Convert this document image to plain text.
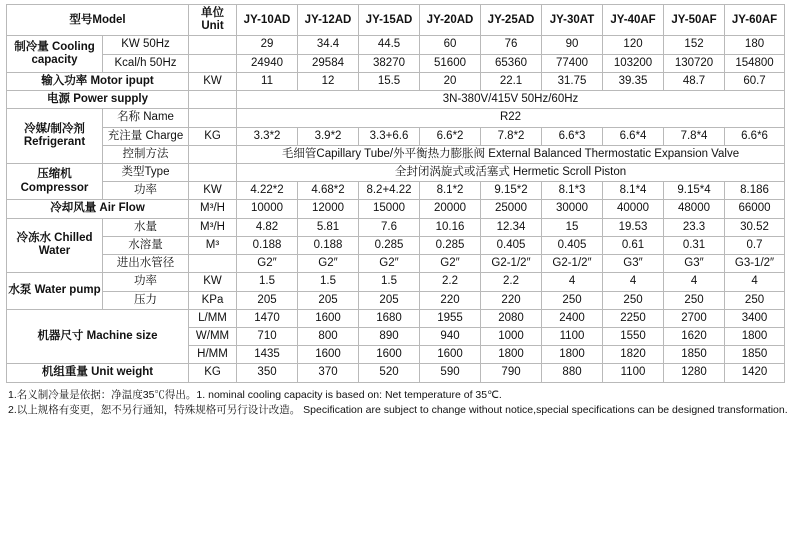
型号Model		单位Unit	JY-10AD	JY-12AD	JY-15AD	JY-20AD	JY-25AD	JY-30AT	JY-40AF	JY-50AF	JY-60AF
制冷量 Cooling capacity	KW 50Hz		29	34.4	44.5	60	76	90	120	152	180
	Kcal/h 50Hz		24940	29584	38270	51600	65360	77400	103200	130720	154800
输入功率 Motor ipupt		KW	11	12	15.5	20	22.1	31.75	39.35	48.7	60.7
电源 Power supply			3N-380V/415V 50Hz/60Hz								
冷媒/制冷剂 Refrigerant	名称 Name		R22								
	充注量 Charge	KG	3.3*2	3.9*2	3.3+6.6	6.6*2	7.8*2	6.6*3	6.6*4	7.8*4	6.6*6
	控制方法		毛细管Capillary Tube/外平衡热力膨胀阀 External Balanced Thermostatic Expansion Valve								
压缩机 Compressor	类型Type		全封闭涡旋式或活塞式 Hermetic Scroll Piston								
	功率	KW	4.22*2	4.68*2	8.2+4.22	8.1*2	9.15*2	8.1*3	8.1*4	9.15*4	8.186
冷却风量 Air Flow		M³/H	10000	12000	15000	20000	25000	30000	40000	48000	66000
冷冻水 Chilled Water	水量	M³/H	4.82	5.81	7.6	10.16	12.34	15	19.53	23.3	30.52
	水溶量	M³	0.188	0.188	0.285	0.285	0.405	0.405	0.61	0.31	0.7
	进出水管径		G2″	G2″	G2″	G2″	G2-1/2″	G2-1/2″	G3″	G3″	G3-1/2″
水泵 Water pump	功率	KW	1.5	1.5	1.5	2.2	2.2	4	4	4	4
	压力	KPa	205	205	205	220	220	250	250	250	250
机器尺寸 Machine size		L/MM	1470	1600	1680	1955	2080	2400	2250	2700	3400
		W/MM	710	800	890	940	1000	1100	1550	1620	1800
		H/MM	1435	1600	1600	1600	1800	1800	1820	1850	1850
机组重量 Unit weight		KG	350	370	520	590	790	880	1100	1280	1420
1.名义制冷量是依据：净温度35℃得出。1. nominal cooling capacity is based on: Net temperature of 35℃.
2.以上规格有变更，恕不另行通知，特殊规格可另行设计改造。 Specification are subject to change without notice,special specifications can be designed transformation.
